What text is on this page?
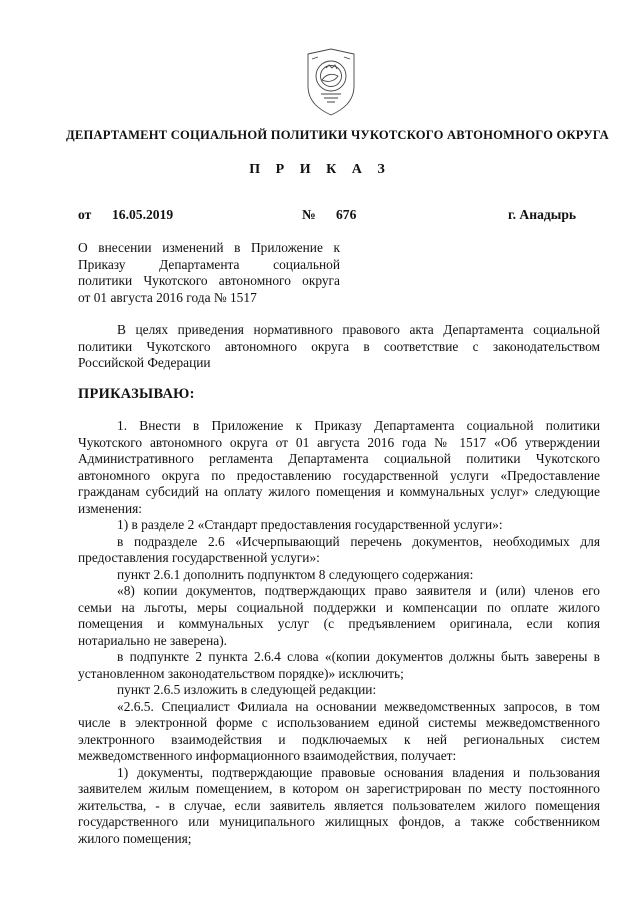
ДЕПАРТАМЕНТ СОЦИАЛЬНОЙ ПОЛИТИКИ ЧУКОТСКОГО АВТОНОМНОГО ОКРУГА
П Р И К А З
от 16.05.2019	№ 676	г. Анадырь
О внесении изменений в Приложение к
Приказу Департамента социальной
политики Чукотского автономного округа
от 01 августа 2016 года № 1517
В целях приведения нормативного правового акта Департамента социальной
политики Чукотского автономного округа в соответствие с законодательством
Российской Федерации
ПРИКАЗЫВАЮ:
1. Внести в Приложение к Приказу Департамента социальной политики
Чукотского автономного округа от 01 августа 2016 года № 1517 «Об утверждении
Административного регламента Департамента социальной политики Чукотского
автономного округа по предоставлению государственной услуги «Предоставление
гражданам субсидий на оплату жилого помещения и коммунальных услуг» следующие
изменения:
1) в разделе 2 «Стандарт предоставления государственной услуги»:
в подразделе 2.6 «Исчерпывающий перечень документов, необходимых для
предоставления государственной услуги»:
пункт 2.6.1 дополнить подпунктом 8 следующего содержания:
«8) копии документов, подтверждающих право заявителя и (или) членов его
семьи на льготы, меры социальной поддержки и компенсации по оплате жилого
помещения и коммунальных услуг (с предъявлением оригинала, если копия
нотариально не заверена).
в подпункте 2 пункта 2.6.4 слова «(копии документов должны быть заверены в
установленном законодательством порядке)» исключить;
пункт 2.6.5 изложить в следующей редакции:
«2.6.5. Специалист Филиала на основании межведомственных запросов, в том
числе в электронной форме с использованием единой системы межведомственного
электронного взаимодействия и подключаемых к ней региональных систем
межведомственного информационного взаимодействия, получает:
1) документы, подтверждающие правовые основания владения и пользования
заявителем жилым помещением, в котором он зарегистрирован по месту постоянного
жительства, - в случае, если заявитель является пользователем жилого помещения
государственного или муниципального жилищных фондов, а также собственником
жилого помещения;
